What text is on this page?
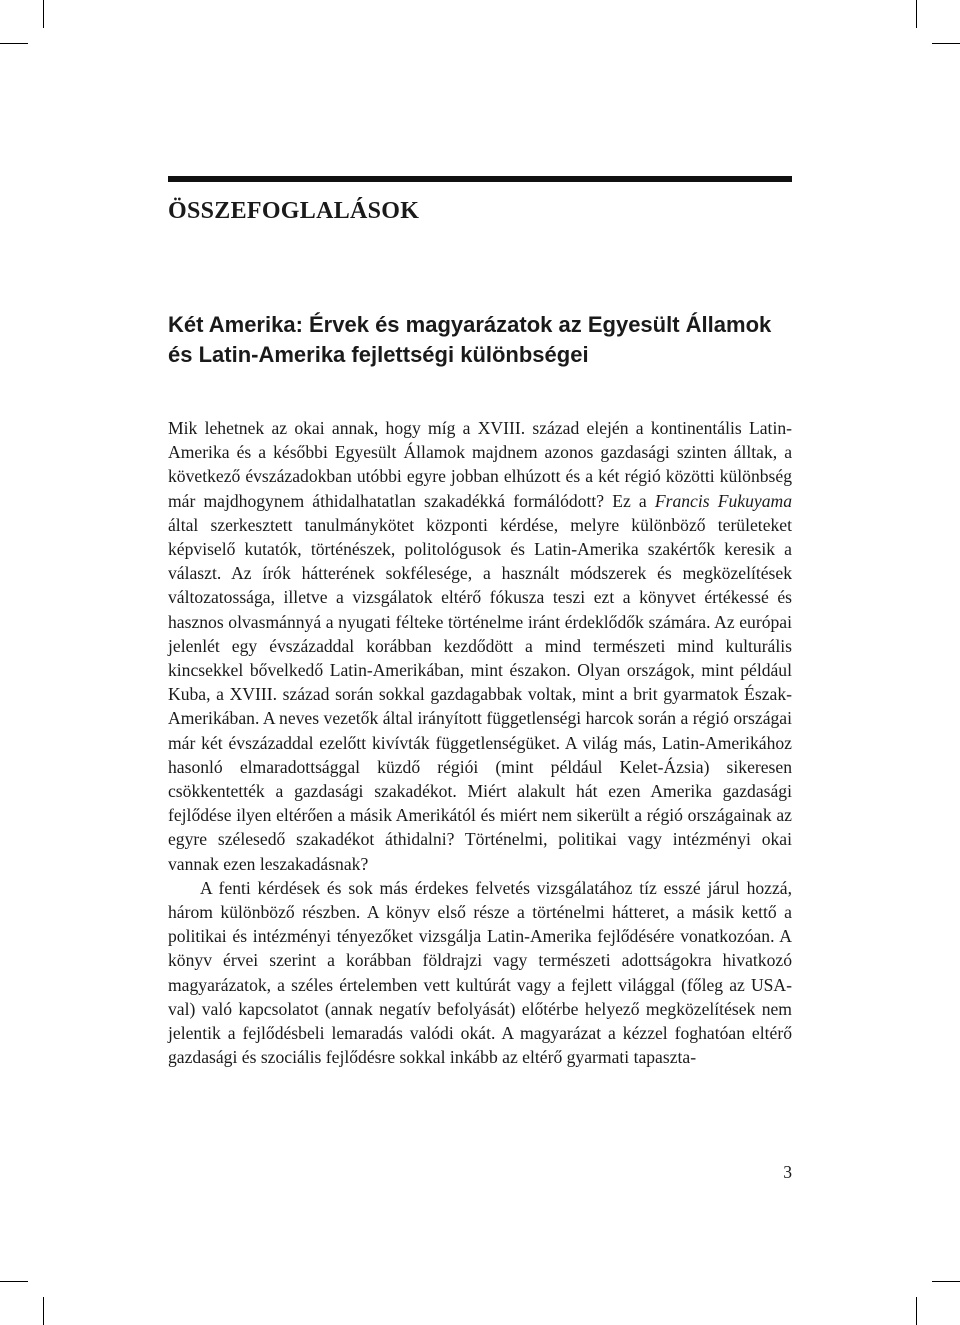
ÖSSZEFOGLALÁSOK
Két Amerika: Érvek és magyarázatok az Egyesült Államok és Latin-Amerika fejlettségi különbségei

Mik lehetnek az okai annak, hogy míg a XVIII. század elején a kontinentális Latin-Amerika és a későbbi Egyesült Államok majdnem azonos gazdasági szinten álltak, a következő évszázadokban utóbbi egyre jobban elhúzott és a két régió közötti különbség már majdhogynem áthidalhatatlan szakadékká formálódott? Ez a Francis Fukuyama által szerkesztett tanulmánykötet központi kérdése, melyre különböző területeket képviselő kutatók, történészek, politológusok és Latin-Amerika szakértők keresik a választ. Az írók hátterének sokfélesége, a használt módszerek és megközelítések változatossága, illetve a vizsgálatok eltérő fókusza teszi ezt a könyvet értékessé és hasznos olvasmánnyá a nyugati félteke történelme iránt érdeklődők számára. Az európai jelenlét egy évszázaddal korábban kezdődött a mind természeti mind kulturális kincsekkel bővelkedő Latin-Amerikában, mint északon. Olyan országok, mint például Kuba, a XVIII. század során sokkal gazdagabbak voltak, mint a brit gyarmatok Észak-Amerikában. A neves vezetők által irányított függetlenségi harcok során a régió országai már két évszázaddal ezelőtt kivívták függetlenségüket. A világ más, Latin-Amerikához hasonló elmaradottsággal küzdő régiói (mint például Kelet-Ázsia) sikeresen csökkentették a gazdasági szakadékot. Miért alakult hát ezen Amerika gazdasági fejlődése ilyen eltérően a másik Amerikától és miért nem sikerült a régió országainak az egyre szélesedő szakadékot áthidalni? Történelmi, politikai vagy intézményi okai vannak ezen leszakadásnak?

A fenti kérdések és sok más érdekes felvetés vizsgálatához tíz esszé járul hozzá, három különböző részben. A könyv első része a történelmi hátteret, a másik kettő a politikai és intézményi tényezőket vizsgálja Latin-Amerika fejlődésére vonatkozóan. A könyv érvei szerint a korábban földrajzi vagy természeti adottságokra hivatkozó magyarázatok, a széles értelemben vett kultúrát vagy a fejlett világgal (főleg az USA-val) való kapcsolatot (annak negatív befolyását) előtérbe helyező megközelítések nem jelentik a fejlődésbeli lemaradás valódi okát. A magyarázat a kézzel foghatóan eltérő gazdasági és szociális fejlődésre sokkal inkább az eltérő gyarmati tapaszta-

3
